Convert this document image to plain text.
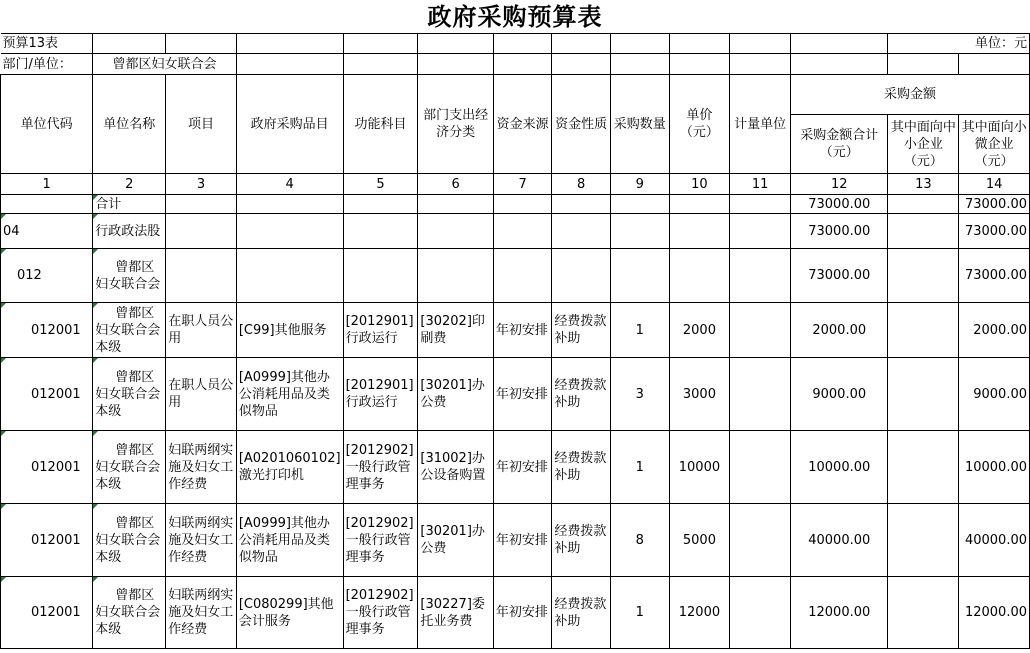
政府采购预算表
预算13表												单位：元	
部门/单位：	曾都区妇女联合会												
单位代码	单位名称	项目	政府采购品目	功能科目	部门支出经济分类	资金来源	资金性质	采购数量	单价（元）	计量单位	采购金额		
											采购金额合计（元）	其中面向中小企业（元）	其中面向小微企业（元）
1	2	3	4	5	6	7	8	9	10	11	12	13	14
	合计										73000.00		73000.00
04	行政政法股										73000.00		73000.00
012	曾都区妇女联合会										73000.00		73000.00
012001	曾都区妇女联合会本级	在职人员公用	[C99]其他服务	[2012901]行政运行	[30202]印刷费	年初安排	经费拨款补助	1	2000		2000.00		2000.00
012001	曾都区妇女联合会本级	在职人员公用	[A0999]其他办公消耗用品及类似物品	[2012901]行政运行	[30201]办公费	年初安排	经费拨款补助	3	3000		9000.00		9000.00
012001	曾都区妇女联合会本级	妇联两纲实施及妇女工作经费	[A0201060102]激光打印机	[2012902]一般行政管理事务	[31002]办公设备购置	年初安排	经费拨款补助	1	10000		10000.00		10000.00
012001	曾都区妇女联合会本级	妇联两纲实施及妇女工作经费	[A0999]其他办公消耗用品及类似物品	[2012902]一般行政管理事务	[30201]办公费	年初安排	经费拨款补助	8	5000		40000.00		40000.00
012001	曾都区妇女联合会本级	妇联两纲实施及妇女工作经费	[C080299]其他会计服务	[2012902]一般行政管理事务	[30227]委托业务费	年初安排	经费拨款补助	1	12000		12000.00		12000.00
